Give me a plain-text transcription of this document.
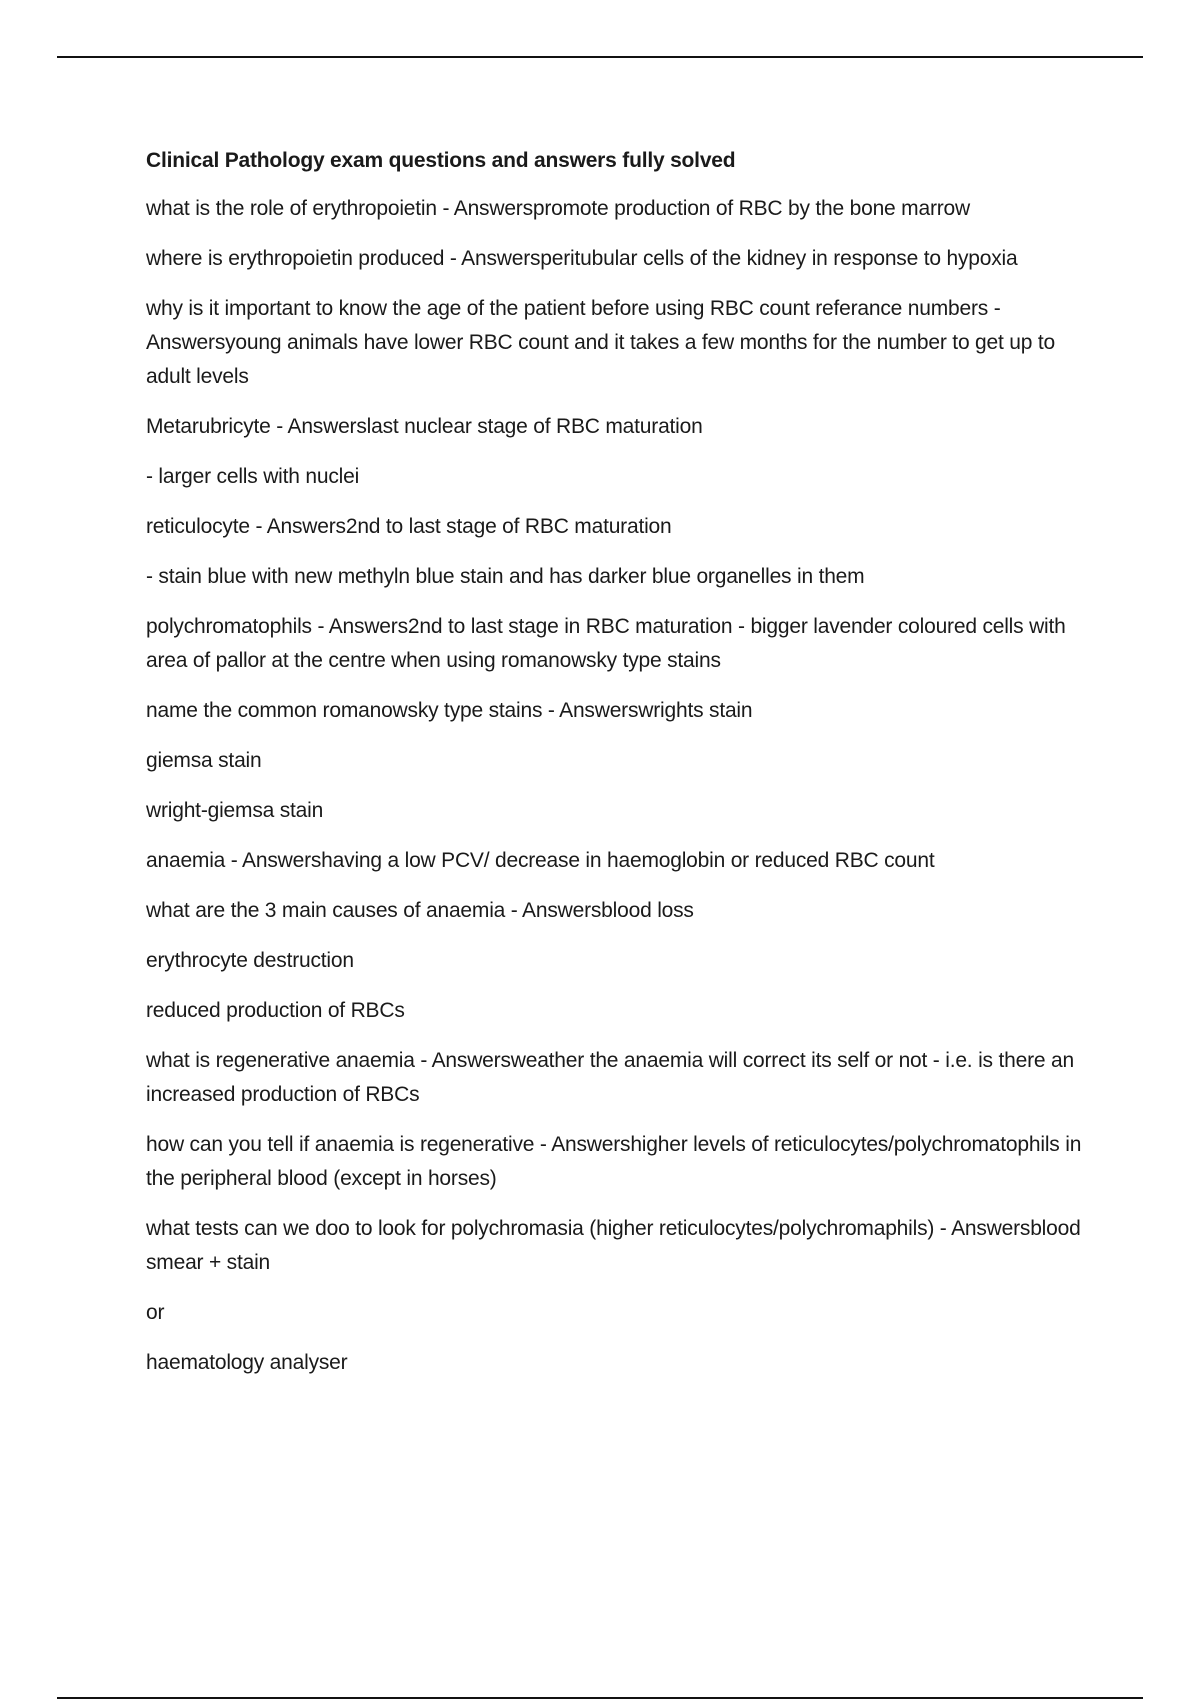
Clinical Pathology exam questions and answers fully solved
what is the role of erythropoietin - Answerspromote production of RBC by the bone marrow
where is erythropoietin produced - Answersperitubular cells of the kidney in response to hypoxia
why is it important to know the age of the patient before using RBC count referance numbers - Answersyoung animals have lower RBC count and it takes a few months for the number to get up to adult levels
Metarubricyte - Answerslast nuclear stage of RBC maturation
- larger cells with nuclei
reticulocyte - Answers2nd to last stage of RBC maturation
- stain blue with new methyln blue stain and has darker blue organelles in them
polychromatophils - Answers2nd to last stage in RBC maturation - bigger lavender coloured cells with area of pallor at the centre when using romanowsky type stains
name the common romanowsky type stains - Answerswrights stain
giemsa stain
wright-giemsa stain
anaemia - Answershaving a low PCV/ decrease in haemoglobin or reduced RBC count
what are the 3 main causes of anaemia - Answersblood loss
erythrocyte destruction
reduced production of RBCs
what is regenerative anaemia - Answersweather the anaemia will correct its self or not - i.e. is there an increased production of RBCs
how can you tell if anaemia is regenerative - Answershigher levels of reticulocytes/polychromatophils in the peripheral blood (except in horses)
what tests can we doo to look for polychromasia (higher reticulocytes/polychromaphils) - Answersblood smear + stain
or
haematology analyser
